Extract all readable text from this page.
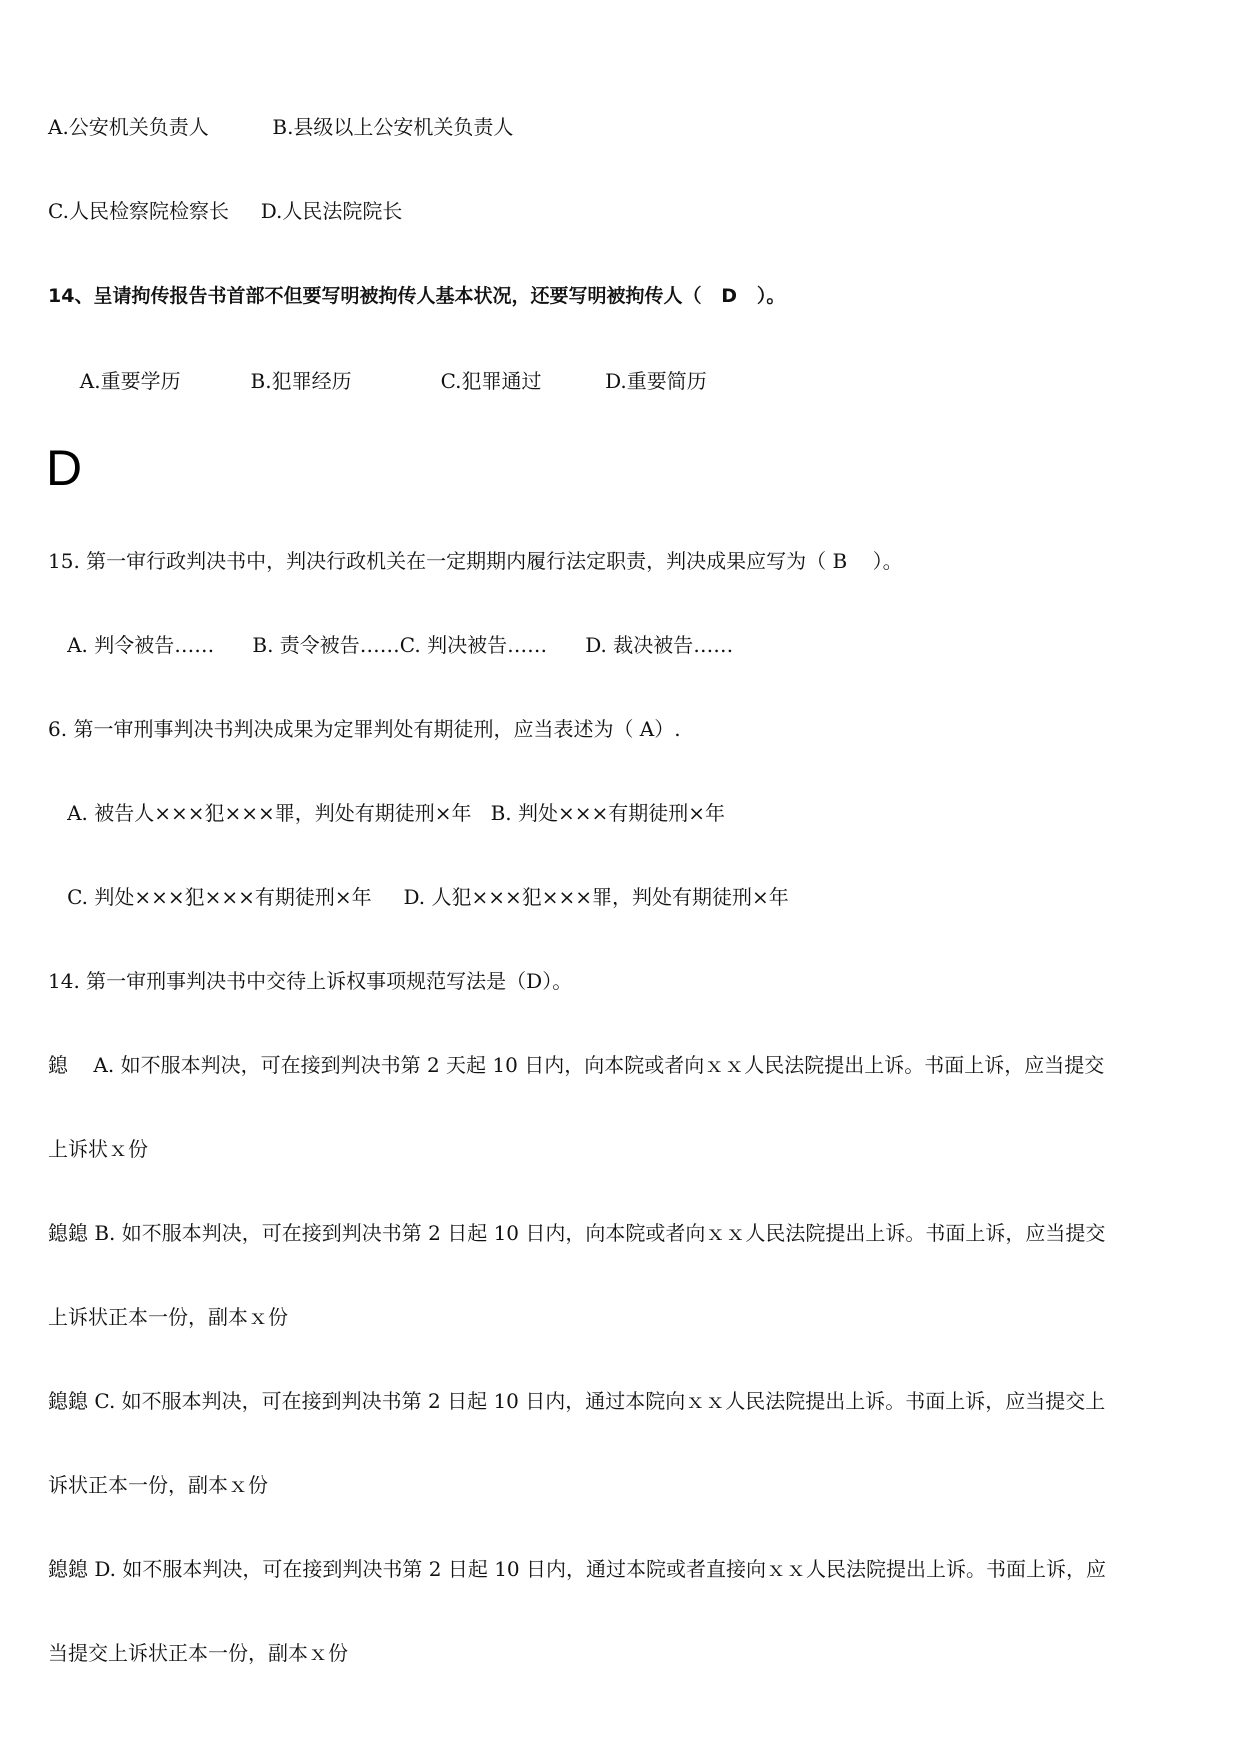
A.公安机关负责人          B.县级以上公安机关负责人
C.人民检察院检察长     D.人民法院院长
14、呈请拘传报告书首部不但要写明被拘传人基本状况，还要写明被拘传人（   D   ）。
A.重要学历           B.犯罪经历              C.犯罪通过          D.重要简历
D
15. 第一审行政判决书中，判决行政机关在一定期期内履行法定职责，判决成果应写为（ B    ）。
A. 判令被告……      B. 责令被告……C. 判决被告……      D. 裁决被告……
6. 第一审刑事判决书判决成果为定罪判处有期徒刑，应当表述为（ A）.
A. 被告人×××犯×××罪，判处有期徒刑×年   B. 判处×××有期徒刑×年
C. 判处×××犯×××有期徒刑×年     D. 人犯×××犯×××罪，判处有期徒刑×年
14. 第一审刑事判决书中交待上诉权事项规范写法是（D）。
鎴    A. 如不服本判决，可在接到判决书第 2 天起 10 日内，向本院或者向ｘｘ人民法院提出上诉。书面上诉，应当提交
上诉状ｘ份
鎴鎴 B. 如不服本判决，可在接到判决书第 2 日起 10 日内，向本院或者向ｘｘ人民法院提出上诉。书面上诉，应当提交
上诉状正本一份，副本ｘ份
鎴鎴 C. 如不服本判决，可在接到判决书第 2 日起 10 日内，通过本院向ｘｘ人民法院提出上诉。书面上诉，应当提交上
诉状正本一份，副本ｘ份
鎴鎴 D. 如不服本判决，可在接到判决书第 2 日起 10 日内，通过本院或者直接向ｘｘ人民法院提出上诉。书面上诉，应
当提交上诉状正本一份，副本ｘ份
